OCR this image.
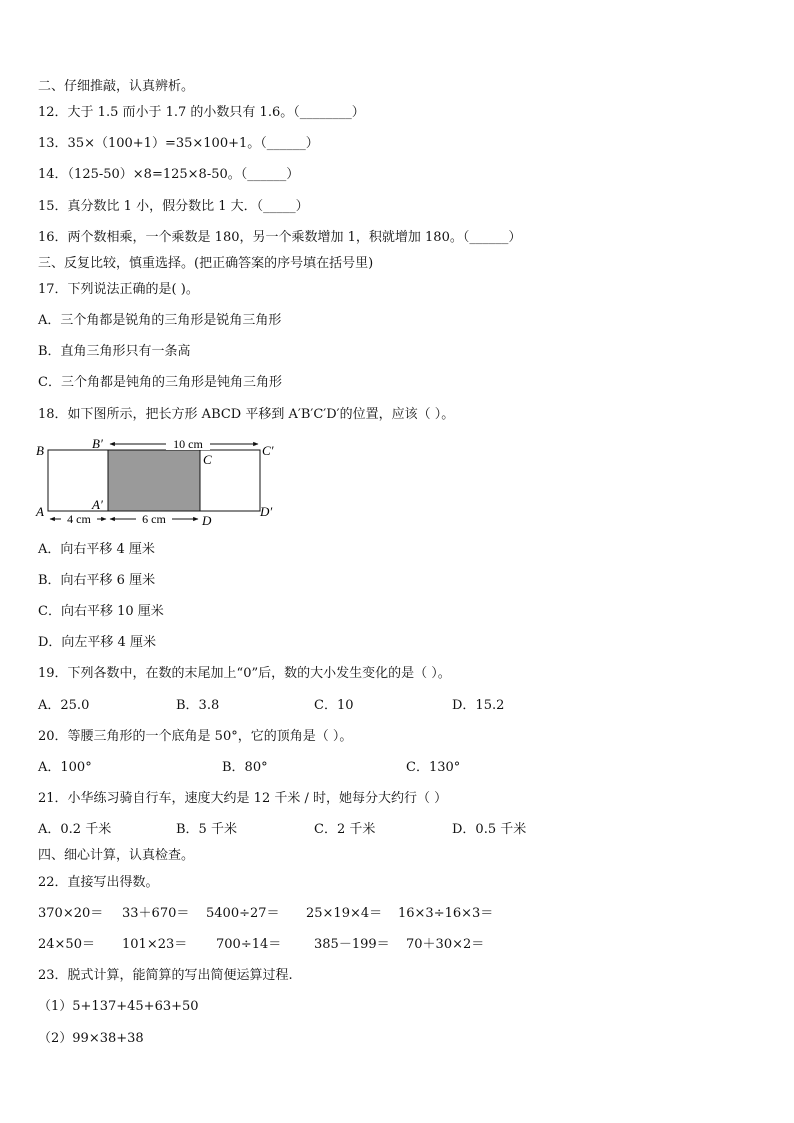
二、仔细推敲，认真辨析。
12．大于 1.5 而小于 1.7 的小数只有 1.6。（________）
13．35×（100+1）=35×100+1。（______）
14．（125-50）×8=125×8-50。（______）
15．真分数比 1 小，假分数比 1 大．（_____）
16．两个数相乘，一个乘数是 180，另一个乘数增加 1，积就增加 180。（______）
三、反复比较，慎重选择。(把正确答案的序号填在括号里)
17．下列说法正确的是( )。
A．三个角都是锐角的三角形是锐角三角形
B．直角三角形只有一条高
C．三个角都是钝角的三角形是钝角三角形
18．如下图所示，把长方形 ABCD 平移到 A′B′C′D′的位置，应该（ ）。
10 cm
4 cm	6 cm
B	B′
C
C′
A	A′
D
D′
A．向右平移 4 厘米
B．向右平移 6 厘米
C．向右平移 10 厘米
D．向左平移 4 厘米
19．下列各数中，在数的末尾加上“0”后，数的大小发生变化的是（ ）。
A．25.0	B．3.8	C．10	D．15.2
20．等腰三角形的一个底角是 50°，它的顶角是（ ）。
A．100°	B．80°	C．130°
21．小华练习骑自行车，速度大约是 12 千米 / 时，她每分大约行（ ）
A．0.2 千米	B．5 千米	C．2 千米	D．0.5 千米
四、细心计算，认真检查。
22．直接写出得数。
370×20＝ 33＋670＝ 5400÷27＝ 25×19×4＝ 16×3÷16×3＝
24×50＝ 101×23＝ 700÷14＝	385－199＝ 70＋30×2＝
23．脱式计算，能简算的写出简便运算过程.
（1）5+137+45+63+50
（2）99×38+38
